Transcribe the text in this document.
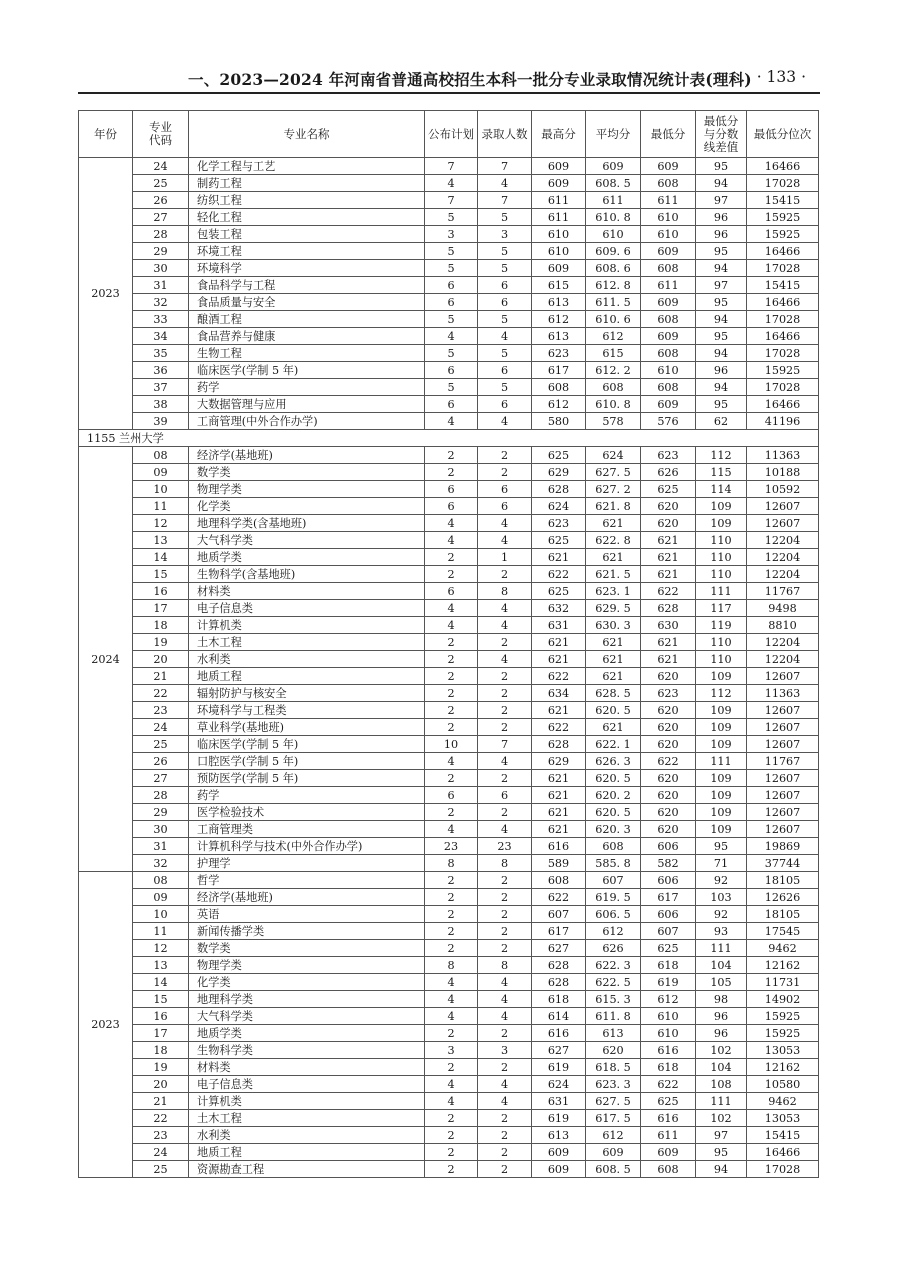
一、2023—2024 年河南省普通高校招生本科一批分专业录取情况统计表(理科) · 133 ·
年份	专业代码	专业名称	公布计划	录取人数	最高分	平均分	最低分	最低分与分数线差值	最低分位次
2023	24	化学工程与工艺	7	7	609	609	609	95	16466
	25	制药工程	4	4	609	608. 5	608	94	17028
	26	纺织工程	7	7	611	611	611	97	15415
	27	轻化工程	5	5	611	610. 8	610	96	15925
	28	包装工程	3	3	610	610	610	96	15925
	29	环境工程	5	5	610	609. 6	609	95	16466
	30	环境科学	5	5	609	608. 6	608	94	17028
	31	食品科学与工程	6	6	615	612. 8	611	97	15415
	32	食品质量与安全	6	6	613	611. 5	609	95	16466
	33	酿酒工程	5	5	612	610. 6	608	94	17028
	34	食品营养与健康	4	4	613	612	609	95	16466
	35	生物工程	5	5	623	615	608	94	17028
	36	临床医学(学制 5 年)	6	6	617	612. 2	610	96	15925
	37	药学	5	5	608	608	608	94	17028
	38	大数据管理与应用	6	6	612	610. 8	609	95	16466
	39	工商管理(中外合作办学)	4	4	580	578	576	62	41196
1155 兰州大学									
2024	08	经济学(基地班)	2	2	625	624	623	112	11363
	09	数学类	2	2	629	627. 5	626	115	10188
	10	物理学类	6	6	628	627. 2	625	114	10592
	11	化学类	6	6	624	621. 8	620	109	12607
	12	地理科学类(含基地班)	4	4	623	621	620	109	12607
	13	大气科学类	4	4	625	622. 8	621	110	12204
	14	地质学类	2	1	621	621	621	110	12204
	15	生物科学(含基地班)	2	2	622	621. 5	621	110	12204
	16	材料类	6	8	625	623. 1	622	111	11767
	17	电子信息类	4	4	632	629. 5	628	117	9498
	18	计算机类	4	4	631	630. 3	630	119	8810
	19	土木工程	2	2	621	621	621	110	12204
	20	水利类	2	4	621	621	621	110	12204
	21	地质工程	2	2	622	621	620	109	12607
	22	辐射防护与核安全	2	2	634	628. 5	623	112	11363
	23	环境科学与工程类	2	2	621	620. 5	620	109	12607
	24	草业科学(基地班)	2	2	622	621	620	109	12607
	25	临床医学(学制 5 年)	10	7	628	622. 1	620	109	12607
	26	口腔医学(学制 5 年)	4	4	629	626. 3	622	111	11767
	27	预防医学(学制 5 年)	2	2	621	620. 5	620	109	12607
	28	药学	6	6	621	620. 2	620	109	12607
	29	医学检验技术	2	2	621	620. 5	620	109	12607
	30	工商管理类	4	4	621	620. 3	620	109	12607
	31	计算机科学与技术(中外合作办学)	23	23	616	608	606	95	19869
	32	护理学	8	8	589	585. 8	582	71	37744
2023	08	哲学	2	2	608	607	606	92	18105
	09	经济学(基地班)	2	2	622	619. 5	617	103	12626
	10	英语	2	2	607	606. 5	606	92	18105
	11	新闻传播学类	2	2	617	612	607	93	17545
	12	数学类	2	2	627	626	625	111	9462
	13	物理学类	8	8	628	622. 3	618	104	12162
	14	化学类	4	4	628	622. 5	619	105	11731
	15	地理科学类	4	4	618	615. 3	612	98	14902
	16	大气科学类	4	4	614	611. 8	610	96	15925
	17	地质学类	2	2	616	613	610	96	15925
	18	生物科学类	3	3	627	620	616	102	13053
	19	材料类	2	2	619	618. 5	618	104	12162
	20	电子信息类	4	4	624	623. 3	622	108	10580
	21	计算机类	4	4	631	627. 5	625	111	9462
	22	土木工程	2	2	619	617. 5	616	102	13053
	23	水利类	2	2	613	612	611	97	15415
	24	地质工程	2	2	609	609	609	95	16466
	25	资源勘查工程	2	2	609	608. 5	608	94	17028
